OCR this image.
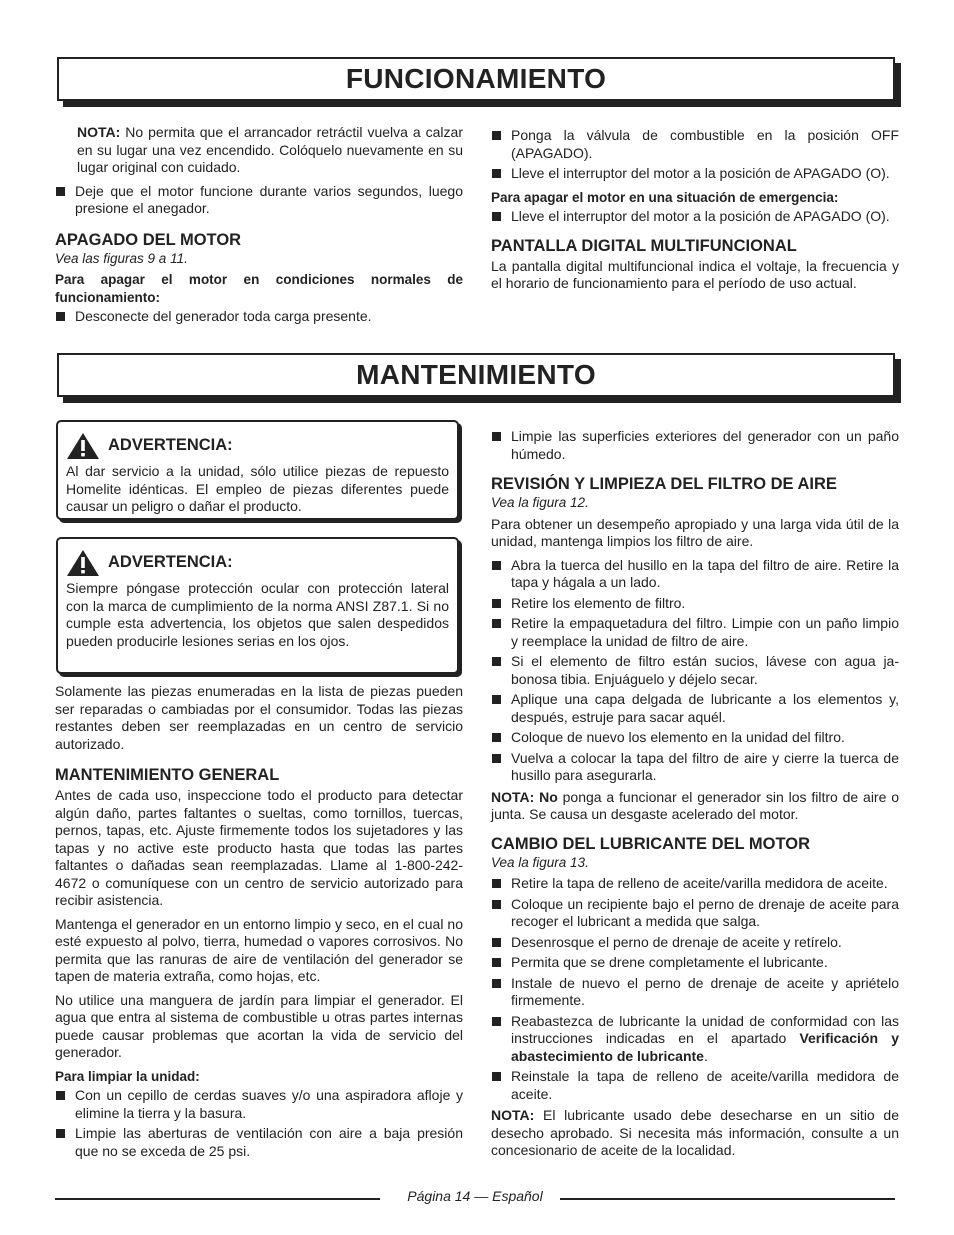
FUNCIONAMIENTO

NOTA: No permita que el arrancador retráctil vuelva a calzar en su lugar una vez encendido. Colóquelo nuevamente en su lugar original con cuidado.

Deje que el motor funcione durante varios segundos, luego presione el anegador.

APAGADO DEL MOTOR

Vea las figuras 9 a 11.

Para apagar el motor en condiciones normales de funcionamiento:

Desconecte del generador toda carga presente.
Ponga la válvula de combustible en la posición OFF (APAGADO).
Lleve el interruptor del motor a la posición de APAGADO (O).

Para apagar el motor en una situación de emergencia:

Lleve el interruptor del motor a la posición de APAGADO (O).

PANTALLA DIGITAL MULTIFUNCIONAL

La pantalla digital multifuncional indica el voltaje, la frecuencia y el horario de funcionamiento para el período de uso actual.

MANTENIMIENTO
ADVERTENCIA:

Al dar servicio a la unidad, sólo utilice piezas de repuesto Homelite idénticas. El empleo de piezas diferentes puede causar un peligro o dañar el producto.

ADVERTENCIA:

Siempre póngase protección ocular con protección lateral con la marca de cumplimiento de la norma ANSI Z87.1. Si no cumple esta advertencia, los objetos que salen despedidos pueden producirle lesiones serias en los ojos.

Solamente las piezas enumeradas en la lista de piezas pueden ser reparadas o cambiadas por el consumidor. Todas las piezas restantes deben ser reemplazadas en un centro de servicio autorizado.

MANTENIMIENTO GENERAL

Antes de cada uso, inspeccione todo el producto para detectar algún daño, partes faltantes o sueltas, como tornillos, tuercas, pernos, tapas, etc. Ajuste firmemente todos los sujetadores y las tapas y no active este producto hasta que todas las partes faltantes o dañadas sean reemplazadas. Llame al 1-800-242-4672 o comuníquese con un centro de servicio autorizado para recibir asistencia.

Mantenga el generador en un entorno limpio y seco, en el cual no esté expuesto al polvo, tierra, humedad o vapores corrosivos. No permita que las ranuras de aire de ventilación del generador se tapen de materia extraña, como hojas, etc.

No utilice una manguera de jardín para limpiar el generador. El agua que entra al sistema de combustible u otras partes internas puede causar problemas que acortan la vida de servicio del generador.

Para limpiar la unidad:

Con un cepillo de cerdas suaves y/o una aspiradora afloje y elimine la tierra y la basura.
Limpie las aberturas de ventilación con aire a baja presión que no se exceda de 25 psi.
Limpie las superficies exteriores del generador con un paño húmedo.

REVISIÓN Y LIMPIEZA DEL FILTRO DE AIRE

Vea la figura 12.

Para obtener un desempeño apropiado y una larga vida útil de la unidad, mantenga limpios los filtro de aire.

Abra la tuerca del husillo en la tapa del filtro de aire. Retire la tapa y hágala a un lado.
Retire los elemento de filtro.
Retire la empaquetadura del filtro. Limpie con un paño limpio y reemplace la unidad de filtro de aire.
Si el elemento de filtro están sucios, lávese con agua ja-bonosa tibia. Enjuáguelo y déjelo secar.
Aplique una capa delgada de lubricante a los elementos y, después, estruje para sacar aquél.
Coloque de nuevo los elemento en la unidad del filtro.
Vuelva a colocar la tapa del filtro de aire y cierre la tuerca de husillo para asegurarla.

NOTA: No ponga a funcionar el generador sin los filtro de aire o junta. Se causa un desgaste acelerado del motor.

CAMBIO DEL LUBRICANTE DEL MOTOR

Vea la figura 13.

Retire la tapa de relleno de aceite/varilla medidora de aceite.
Coloque un recipiente bajo el perno de drenaje de aceite para recoger el lubricant a medida que salga.
Desenrosque el perno de drenaje de aceite y retírelo.
Permita que se drene completamente el lubricante.
Instale de nuevo el perno de drenaje de aceite y apriételo firmemente.
Reabastezca de lubricante la unidad de conformidad con las instrucciones indicadas en el apartado Verificación y abastecimiento de lubricante.
Reinstale la tapa de relleno de aceite/varilla medidora de aceite.

NOTA: El lubricante usado debe desecharse en un sitio de desecho aprobado. Si necesita más información, consulte a un concesionario de aceite de la localidad.

Página 14 — Español
